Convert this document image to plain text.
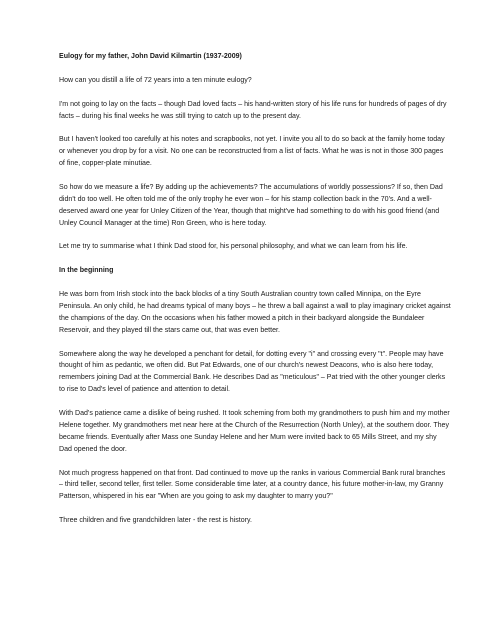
Eulogy for my father, John David Kilmartin (1937-2009)

How can you distill a life of 72 years into a ten minute eulogy?

I'm not going to lay on the facts – though Dad loved facts – his hand-written story of his life runs for hundreds of pages of dry facts – during his final weeks he was still trying to catch up to the present day.

But I haven't looked too carefully at his notes and scrapbooks, not yet. I invite you all to do so back at the family home today or whenever you drop by for a visit. No one can be reconstructed from a list of facts. What he was is not in those 300 pages of fine, copper-plate minutiae.

So how do we measure a life? By adding up the achievements? The accumulations of worldly possessions? If so, then Dad didn't do too well. He often told me of the only trophy he ever won – for his stamp collection back in the 70's. And a well-deserved award one year for Unley Citizen of the Year, though that might've had something to do with his good friend (and Unley Council Manager at the time) Ron Green, who is here today.

Let me try to summarise what I think Dad stood for, his personal philosophy, and what we can learn from his life.

In the beginning

He was born from Irish stock into the back blocks of a tiny South Australian country town called Minnipa, on the Eyre Peninsula. An only child, he had dreams typical of many boys – he threw a ball against a wall to play imaginary cricket against the champions of the day. On the occasions when his father mowed a pitch in their backyard alongside the Bundaleer Reservoir, and they played till the stars came out, that was even better.

Somewhere along the way he developed a penchant for detail, for dotting every "i" and crossing every "t". People may have thought of him as pedantic, we often did. But Pat Edwards, one of our church's newest Deacons, who is also here today, remembers joining Dad at the Commercial Bank. He describes Dad as "meticulous" – Pat tried with the other younger clerks to rise to Dad's level of patience and attention to detail.

With Dad's patience came a dislike of being rushed. It took scheming from both my grandmothers to push him and my mother Helene together. My grandmothers met near here at the Church of the Resurrection (North Unley), at the southern door. They became friends. Eventually after Mass one Sunday Helene and her Mum were invited back to 65 Mills Street, and my shy Dad opened the door.

Not much progress happened on that front. Dad continued to move up the ranks in various Commercial Bank rural branches – third teller, second teller, first teller. Some considerable time later, at a country dance, his future mother-in-law, my Granny Patterson, whispered in his ear "When are you going to ask my daughter to marry you?"

Three children and five grandchildren later - the rest is history.
